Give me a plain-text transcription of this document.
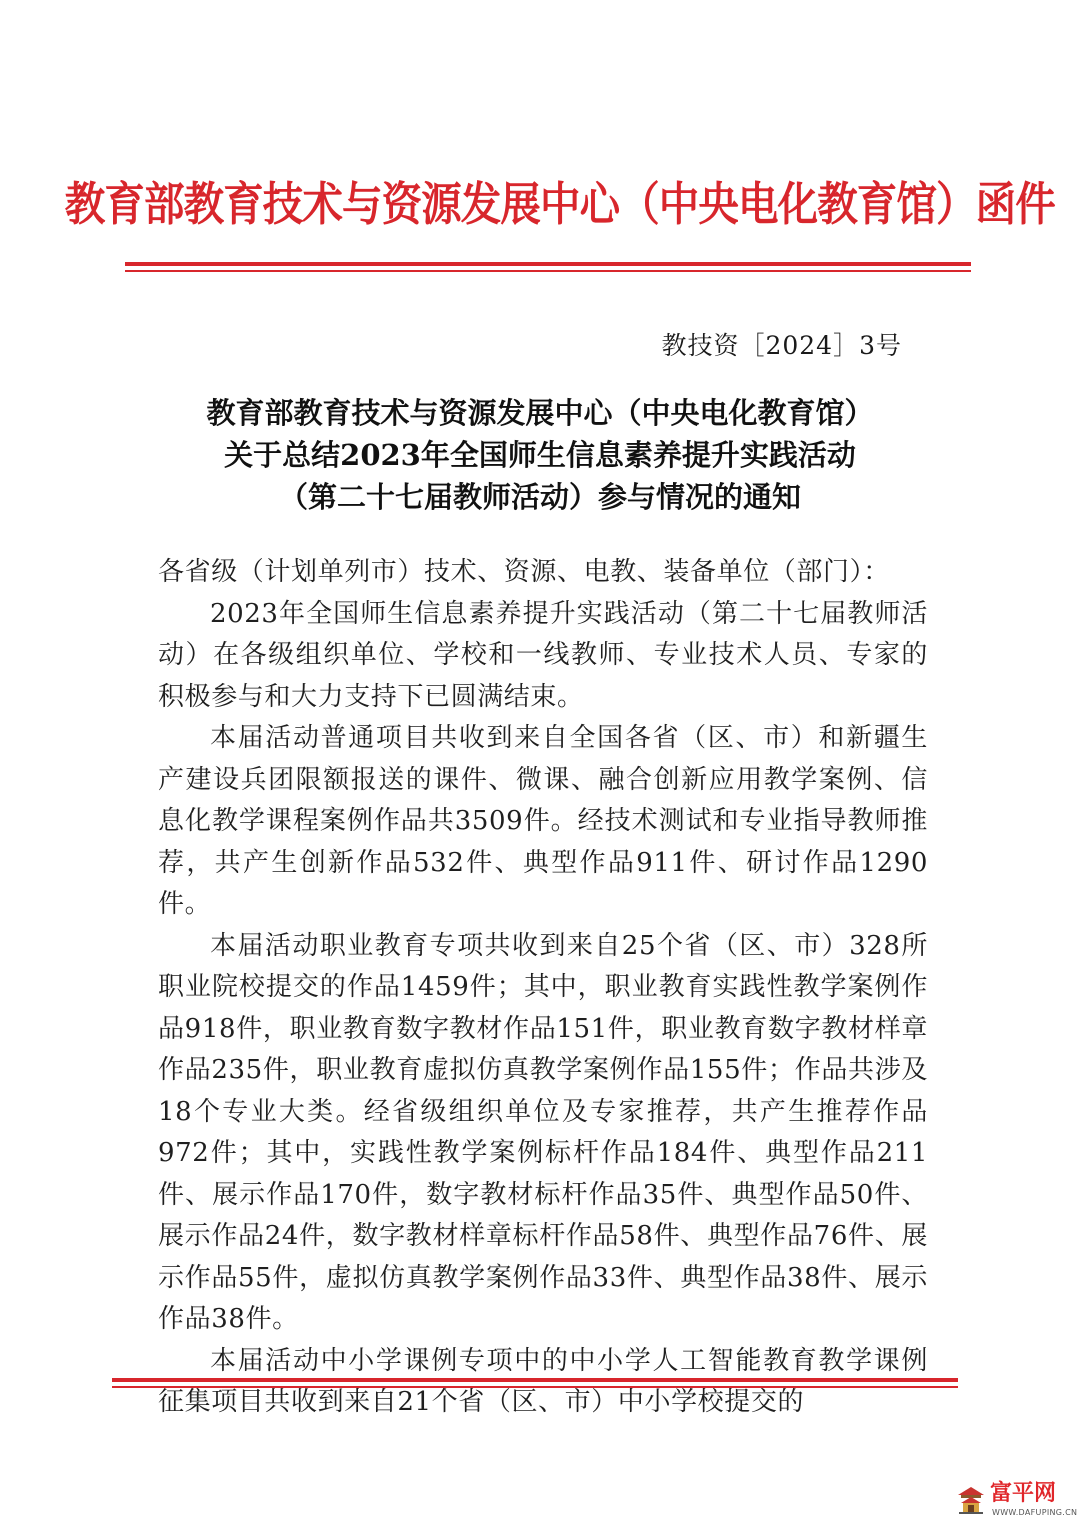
教育部教育技术与资源发展中心（中央电化教育馆）函件
教技资［2024］3号
教育部教育技术与资源发展中心（中央电化教育馆）
关于总结2023年全国师生信息素养提升实践活动
（第二十七届教师活动）参与情况的通知

各省级（计划单列市）技术、资源、电教、装备单位（部门）：

2023年全国师生信息素养提升实践活动（第二十七届教师活动）在各级组织单位、学校和一线教师、专业技术人员、专家的积极参与和大力支持下已圆满结束。

本届活动普通项目共收到来自全国各省（区、市）和新疆生产建设兵团限额报送的课件、微课、融合创新应用教学案例、信息化教学课程案例作品共3509件。经技术测试和专业指导教师推荐，共产生创新作品532件、典型作品911件、研讨作品1290件。

本届活动职业教育专项共收到来自25个省（区、市）328所职业院校提交的作品1459件；其中，职业教育实践性教学案例作品918件，职业教育数字教材作品151件，职业教育数字教材样章作品235件，职业教育虚拟仿真教学案例作品155件；作品共涉及18个专业大类。经省级组织单位及专家推荐，共产生推荐作品972件；其中，实践性教学案例标杆作品184件、典型作品211件、展示作品170件，数字教材标杆作品35件、典型作品50件、展示作品24件，数字教材样章标杆作品58件、典型作品76件、展示作品55件，虚拟仿真教学案例作品33件、典型作品38件、展示作品38件。

本届活动中小学课例专项中的中小学人工智能教育教学课例征集项目共收到来自21个省（区、市）中小学校提交的

富平网
WWW.DAFUPING.CN
